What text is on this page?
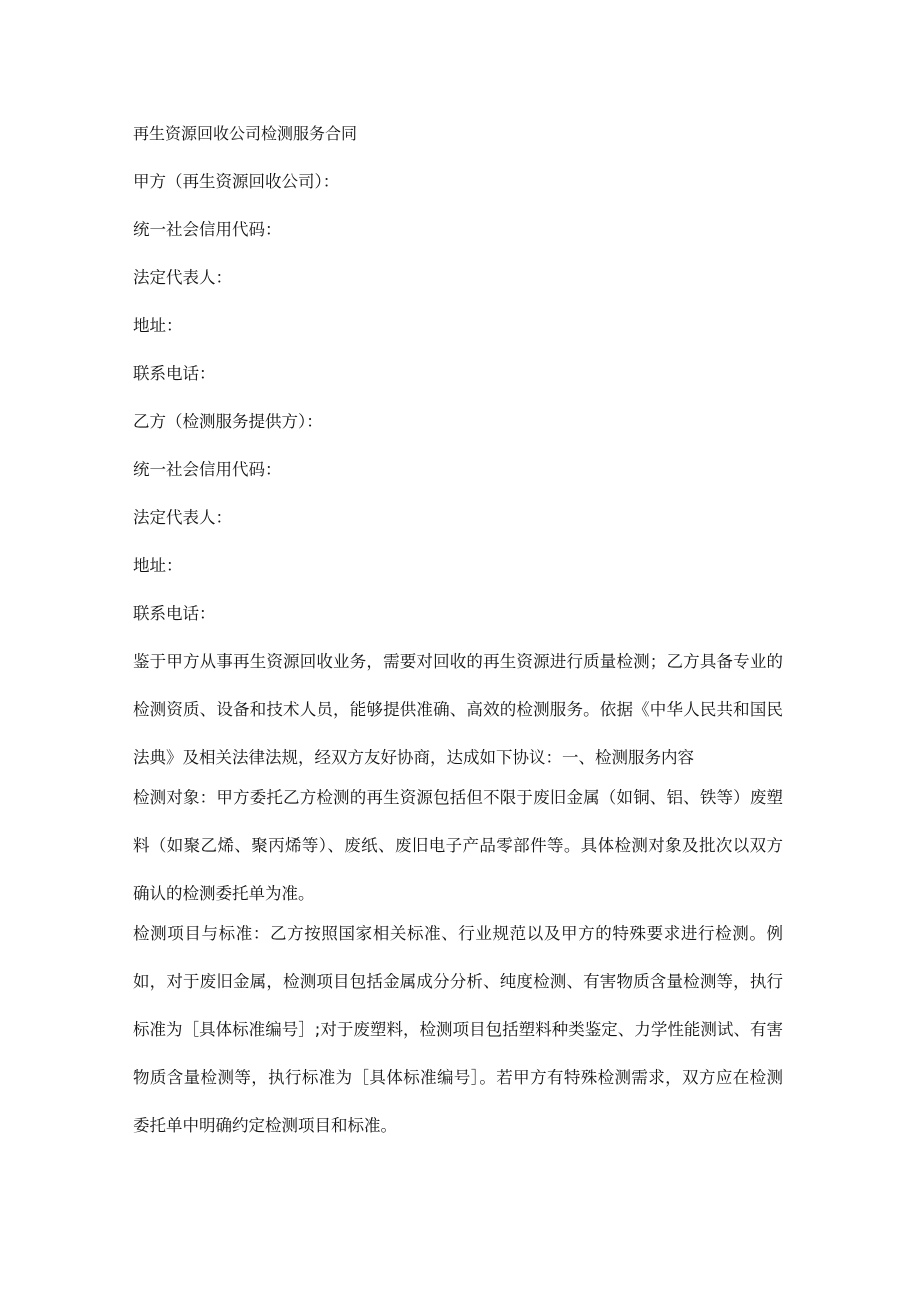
再生资源回收公司检测服务合同
甲方（再生资源回收公司）：
统一社会信用代码：
法定代表人：
地址：
联系电话：
乙方（检测服务提供方）：
统一社会信用代码：
法定代表人：
地址：
联系电话：
鉴于甲方从事再生资源回收业务，需要对回收的再生资源进行质量检测；乙方具备专业的检测资质、设备和技术人员，能够提供准确、高效的检测服务。依据《中华人民共和国民法典》及相关法律法规，经双方友好协商，达成如下协议：一、检测服务内容
检测对象：甲方委托乙方检测的再生资源包括但不限于废旧金属（如铜、铝、铁等）废塑料（如聚乙烯、聚丙烯等）、废纸、废旧电子产品零部件等。具体检测对象及批次以双方确认的检测委托单为准。
检测项目与标准：乙方按照国家相关标准、行业规范以及甲方的特殊要求进行检测。例如，对于废旧金属，检测项目包括金属成分分析、纯度检测、有害物质含量检测等，执行标准为［具体标准编号］;对于废塑料，检测项目包括塑料种类鉴定、力学性能测试、有害物质含量检测等，执行标准为［具体标准编号］。若甲方有特殊检测需求，双方应在检测委托单中明确约定检测项目和标准。
